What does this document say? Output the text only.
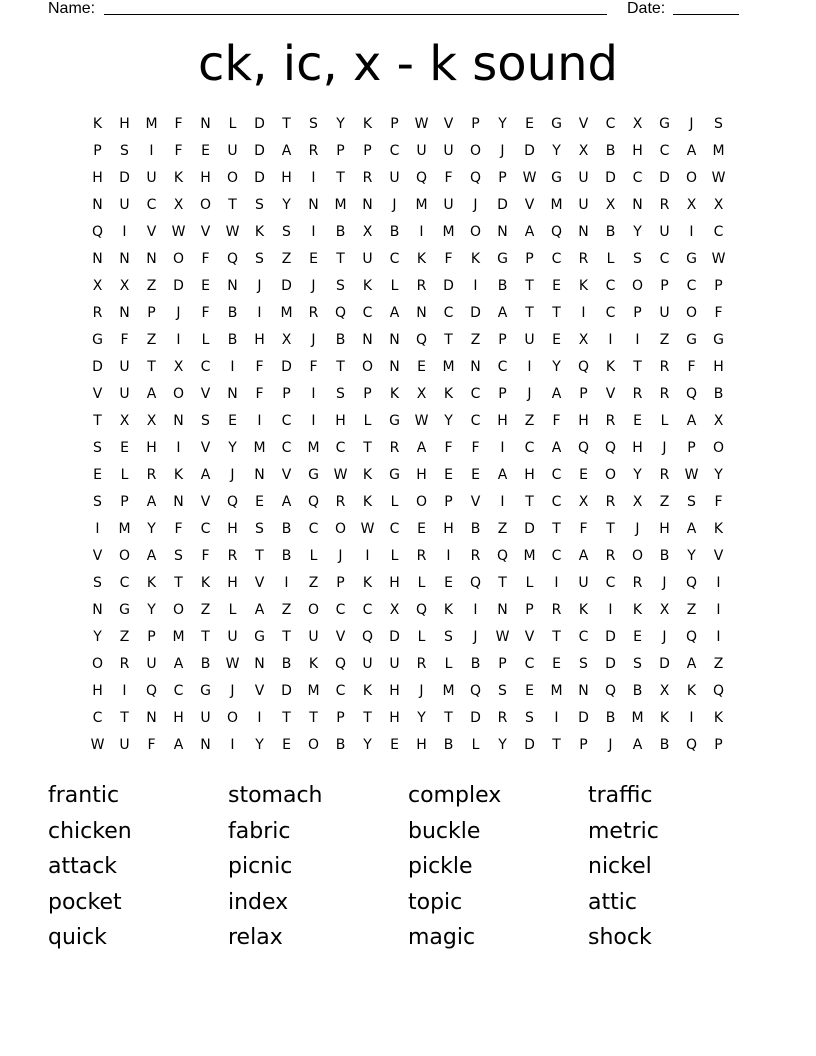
Name:	Date:
ck, ic, x - k sound
K	H	M	F	N	L	D	T	S	Y	K	P	W	V	P	Y	E	G	V	C	X	G	J	S
P	S	I	F	E	U	D	A	R	P	P	C	U	U	O	J	D	Y	X	B	H	C	A	M
H	D	U	K	H	O	D	H	I	T	R	U	Q	F	Q	P	W	G	U	D	C	D	O	W
N	U	C	X	O	T	S	Y	N	M	N	J	M	U	J	D	V	M	U	X	N	R	X	X
Q	I	V	W	V	W	K	S	I	B	X	B	I	M	O	N	A	Q	N	B	Y	U	I	C
N	N	N	O	F	Q	S	Z	E	T	U	C	K	F	K	G	P	C	R	L	S	C	G	W
X	X	Z	D	E	N	J	D	J	S	K	L	R	D	I	B	T	E	K	C	O	P	C	P
R	N	P	J	F	B	I	M	R	Q	C	A	N	C	D	A	T	T	I	C	P	U	O	F
G	F	Z	I	L	B	H	X	J	B	N	N	Q	T	Z	P	U	E	X	I	I	Z	G	G
D	U	T	X	C	I	F	D	F	T	O	N	E	M	N	C	I	Y	Q	K	T	R	F	H
V	U	A	O	V	N	F	P	I	S	P	K	X	K	C	P	J	A	P	V	R	R	Q	B
T	X	X	N	S	E	I	C	I	H	L	G	W	Y	C	H	Z	F	H	R	E	L	A	X
S	E	H	I	V	Y	M	C	M	C	T	R	A	F	F	I	C	A	Q	Q	H	J	P	O
E	L	R	K	A	J	N	V	G	W	K	G	H	E	E	A	H	C	E	O	Y	R	W	Y
S	P	A	N	V	Q	E	A	Q	R	K	L	O	P	V	I	T	C	X	R	X	Z	S	F
I	M	Y	F	C	H	S	B	C	O	W	C	E	H	B	Z	D	T	F	T	J	H	A	K
V	O	A	S	F	R	T	B	L	J	I	L	R	I	R	Q	M	C	A	R	O	B	Y	V
S	C	K	T	K	H	V	I	Z	P	K	H	L	E	Q	T	L	I	U	C	R	J	Q	I
N	G	Y	O	Z	L	A	Z	O	C	C	X	Q	K	I	N	P	R	K	I	K	X	Z	I
Y	Z	P	M	T	U	G	T	U	V	Q	D	L	S	J	W	V	T	C	D	E	J	Q	I
O	R	U	A	B	W	N	B	K	Q	U	U	R	L	B	P	C	E	S	D	S	D	A	Z
H	I	Q	C	G	J	V	D	M	C	K	H	J	M	Q	S	E	M	N	Q	B	X	K	Q
C	T	N	H	U	O	I	T	T	P	T	H	Y	T	D	R	S	I	D	B	M	K	I	K
W	U	F	A	N	I	Y	E	O	B	Y	E	H	B	L	Y	D	T	P	J	A	B	Q	P
frantic	stomach	complex	traffic
chicken	fabric	buckle	metric
attack	picnic	pickle	nickel
pocket	index	topic	attic
quick	relax	magic	shock
